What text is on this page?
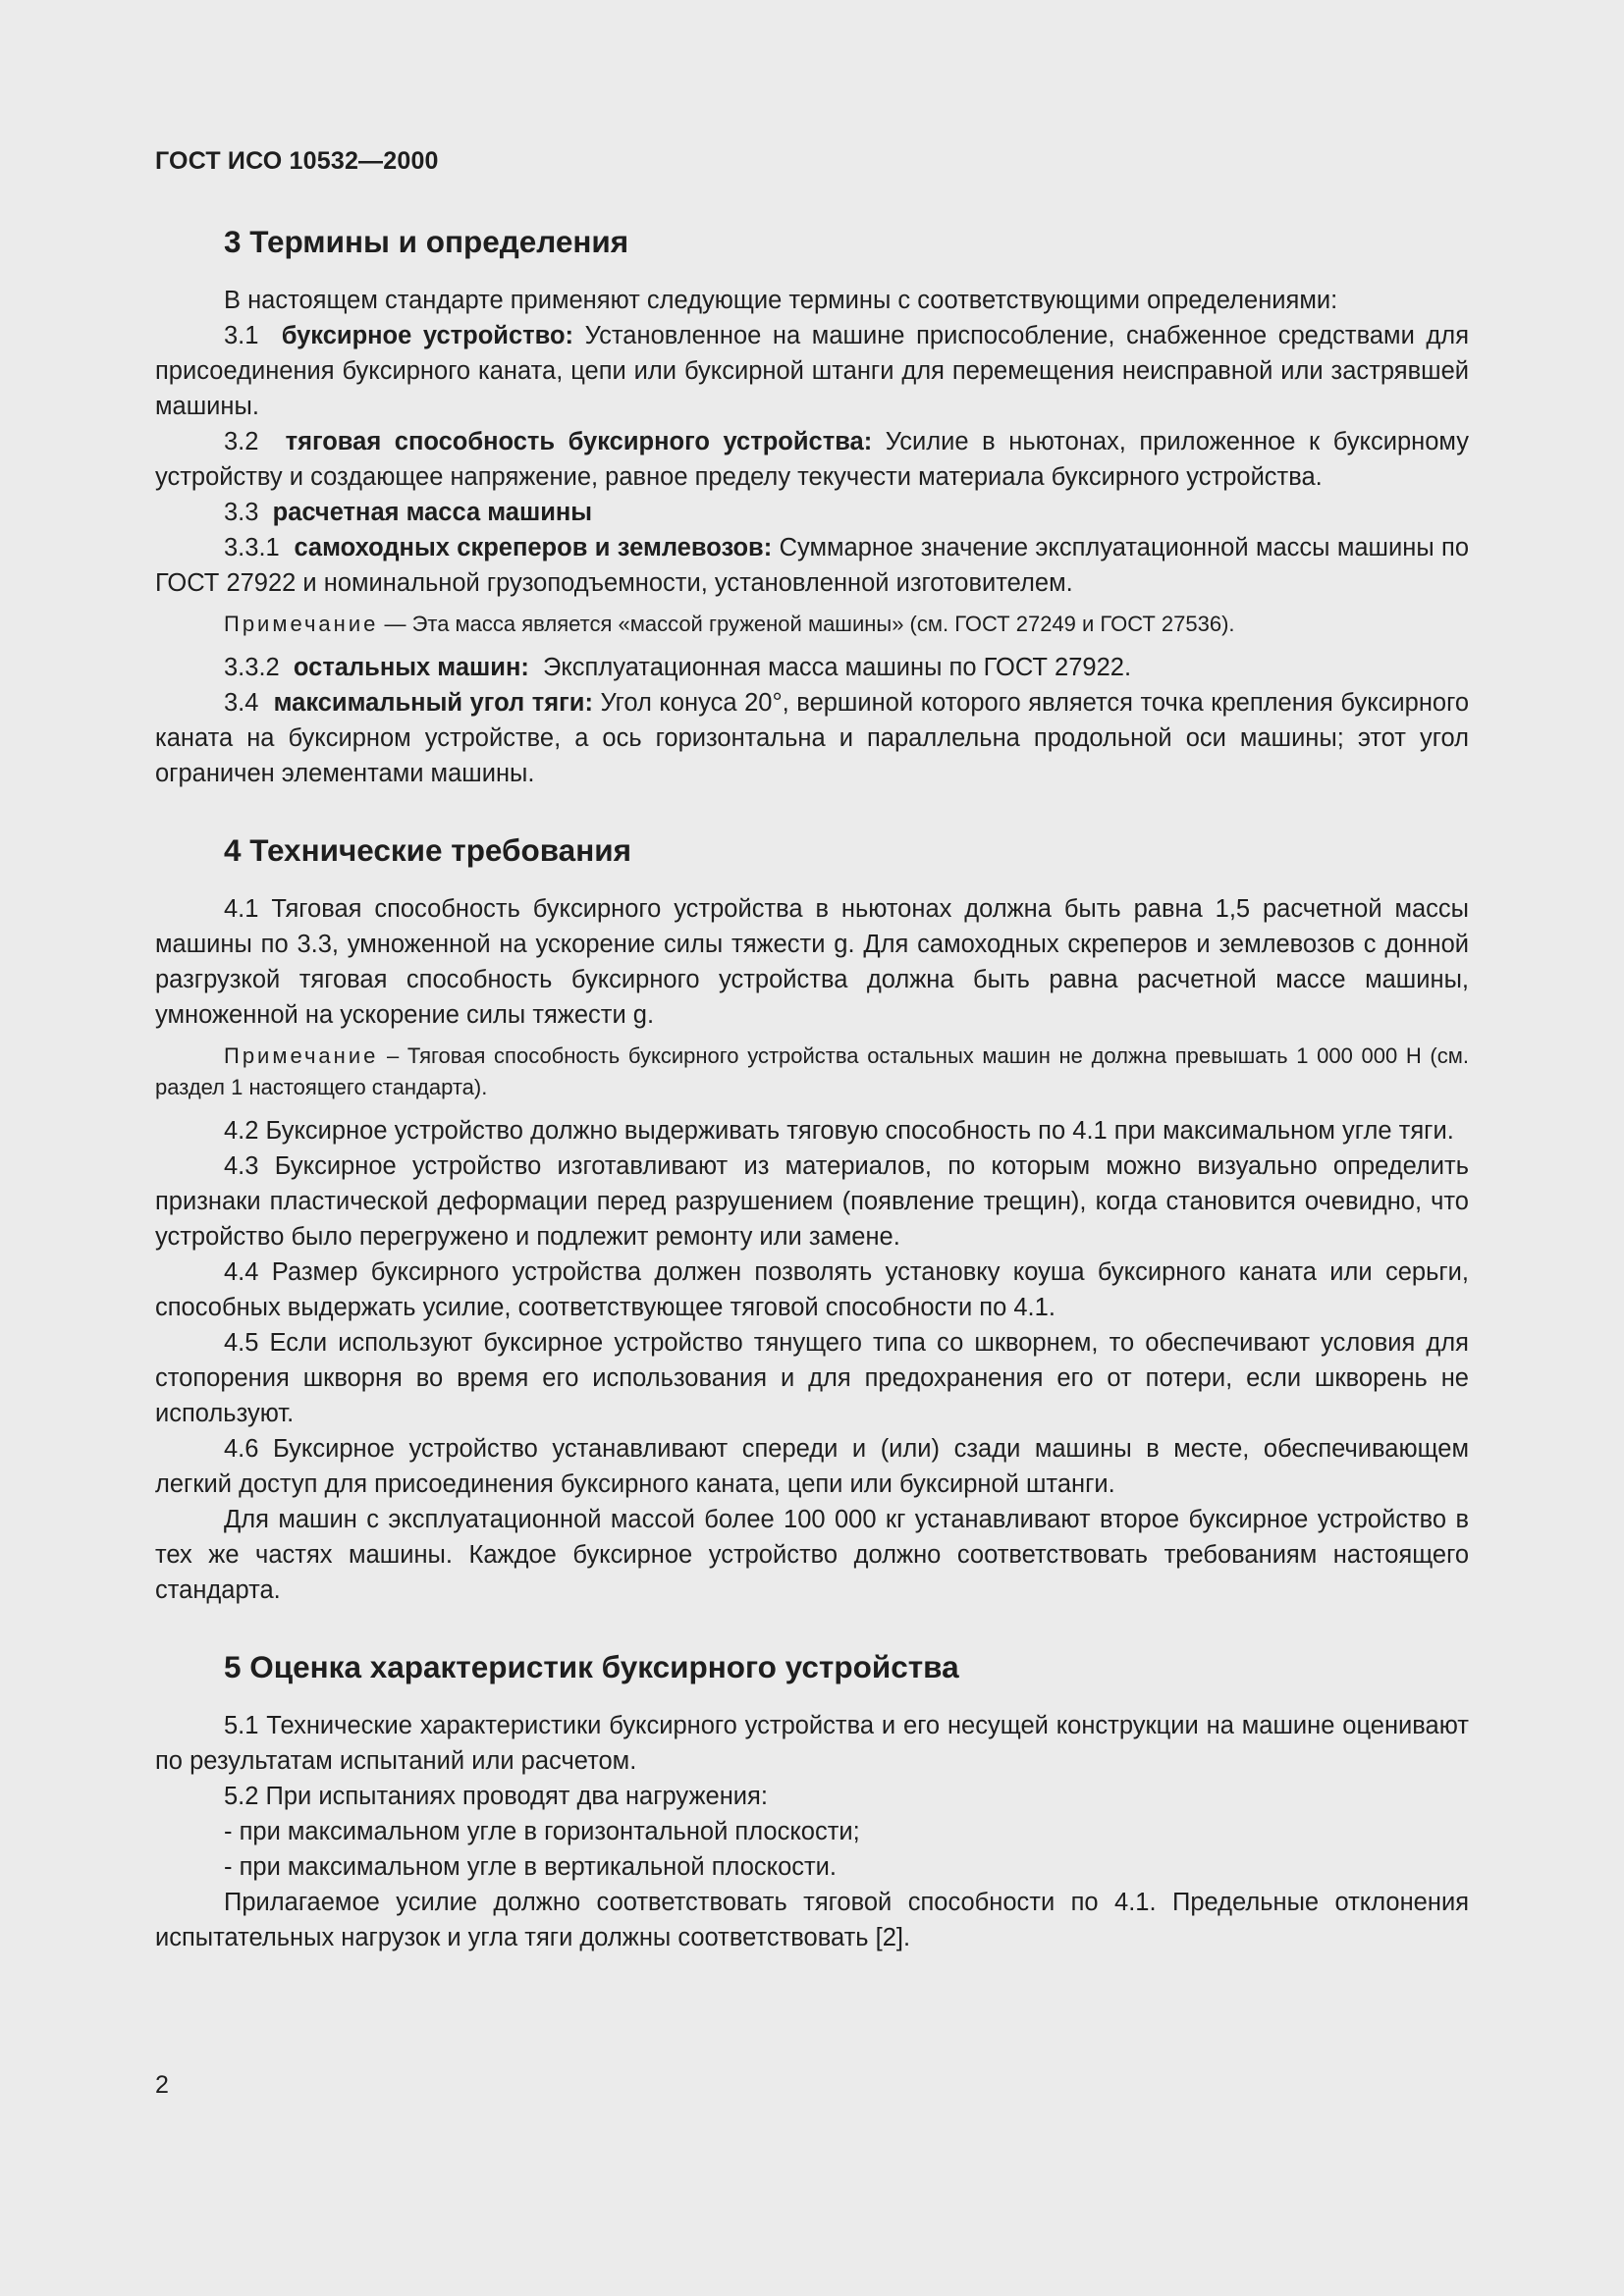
ГОСТ ИСО 10532—2000
3 Термины и определения
В настоящем стандарте применяют следующие термины с соответствующими определениями:
3.1 буксирное устройство: Установленное на машине приспособление, снабженное средствами для присоединения буксирного каната, цепи или буксирной штанги для перемещения неисправной или застрявшей машины.
3.2 тяговая способность буксирного устройства: Усилие в ньютонах, приложенное к буксирному устройству и создающее напряжение, равное пределу текучести материала буксирного устройства.
3.3 расчетная масса машины
3.3.1 самоходных скреперов и землевозов: Суммарное значение эксплуатационной массы машины по ГОСТ 27922 и номинальной грузоподъемности, установленной изготовителем.
Примечание — Эта масса является «массой груженой машины» (см. ГОСТ 27249 и ГОСТ 27536).
3.3.2 остальных машин: Эксплуатационная масса машины по ГОСТ 27922.
3.4 максимальный угол тяги: Угол конуса 20°, вершиной которого является точка крепления буксирного каната на буксирном устройстве, а ось горизонтальна и параллельна продольной оси машины; этот угол ограничен элементами машины.
4 Технические требования
4.1 Тяговая способность буксирного устройства в ньютонах должна быть равна 1,5 расчетной массы машины по 3.3, умноженной на ускорение силы тяжести g. Для самоходных скреперов и землевозов с донной разгрузкой тяговая способность буксирного устройства должна быть равна расчетной массе машины, умноженной на ускорение силы тяжести g.
Примечание – Тяговая способность буксирного устройства остальных машин не должна превышать 1 000 000 Н (см. раздел 1 настоящего стандарта).
4.2 Буксирное устройство должно выдерживать тяговую способность по 4.1 при максимальном угле тяги.
4.3 Буксирное устройство изготавливают из материалов, по которым можно визуально определить признаки пластической деформации перед разрушением (появление трещин), когда становится очевидно, что устройство было перегружено и подлежит ремонту или замене.
4.4 Размер буксирного устройства должен позволять установку коуша буксирного каната или серьги, способных выдержать усилие, соответствующее тяговой способности по 4.1.
4.5 Если используют буксирное устройство тянущего типа со шкворнем, то обеспечивают условия для стопорения шкворня во время его использования и для предохранения его от потери, если шкворень не используют.
4.6 Буксирное устройство устанавливают спереди и (или) сзади машины в месте, обеспечивающем легкий доступ для присоединения буксирного каната, цепи или буксирной штанги.
Для машин с эксплуатационной массой более 100 000 кг устанавливают второе буксирное устройство в тех же частях машины. Каждое буксирное устройство должно соответствовать требованиям настоящего стандарта.
5 Оценка характеристик буксирного устройства
5.1 Технические характеристики буксирного устройства и его несущей конструкции на машине оценивают по результатам испытаний или расчетом.
5.2 При испытаниях проводят два нагружения:
- при максимальном угле в горизонтальной плоскости;
- при максимальном угле в вертикальной плоскости.
Прилагаемое усилие должно соответствовать тяговой способности по 4.1. Предельные отклонения испытательных нагрузок и угла тяги должны соответствовать [2].
2
